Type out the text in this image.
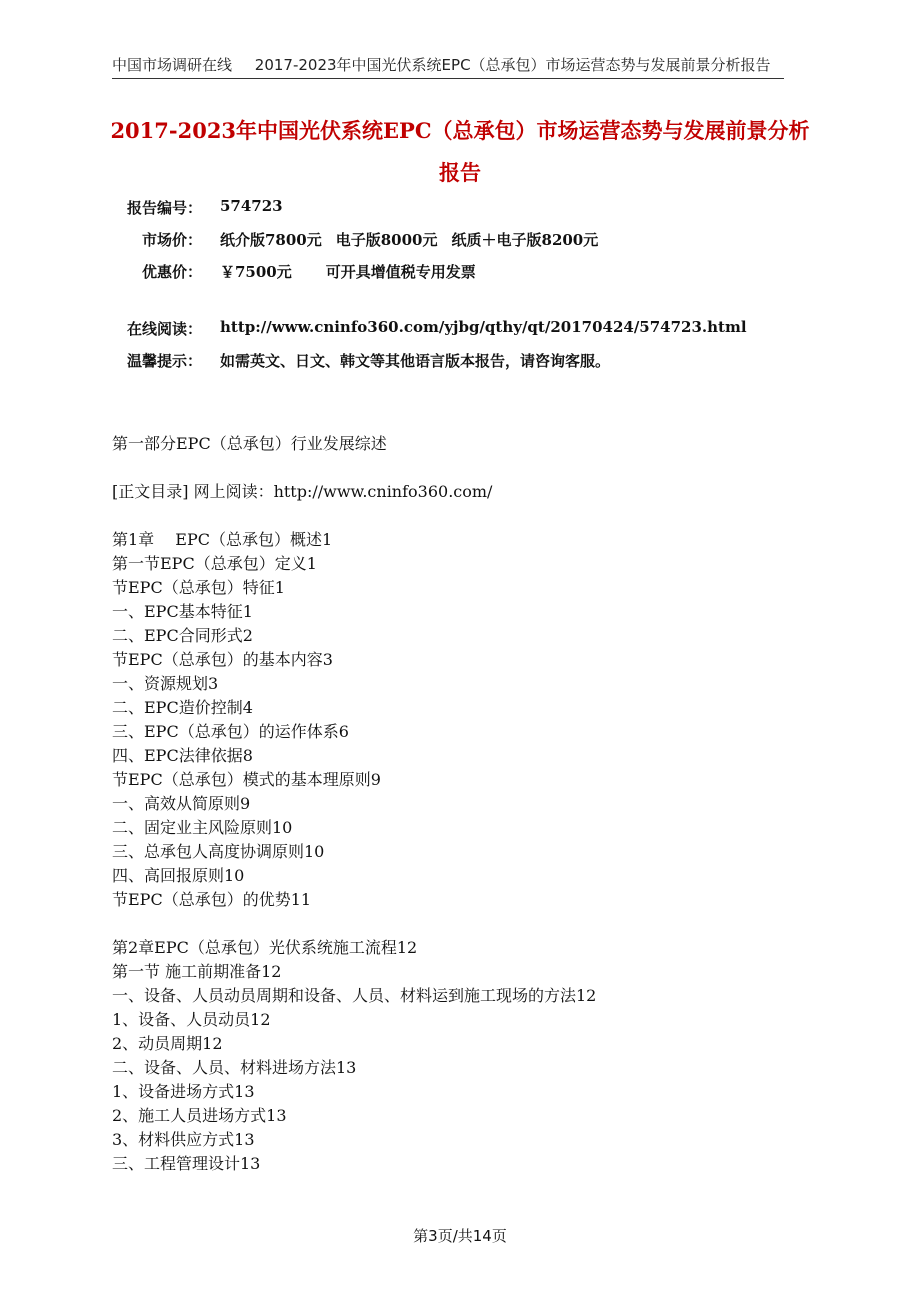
中国市场调研在线 2017-2023年中国光伏系统EPC（总承包）市场运营态势与发展前景分析报告
2017-2023年中国光伏系统EPC（总承包）市场运营态势与发展前景分析
报告
报告编号： 574723
市场价： 纸介版7800元 电子版8000元 纸质＋电子版8200元
优惠价： ￥7500元 可开具增值税专用发票
在线阅读： http://www.cninfo360.com/yjbg/qthy/qt/20170424/574723.html
温馨提示： 如需英文、日文、韩文等其他语言版本报告，请咨询客服。
第一部分EPC（总承包）行业发展综述
[正文目录] 网上阅读：http://www.cninfo360.com/
第1章　 EPC（总承包）概述1
第一节EPC（总承包）定义1
节EPC（总承包）特征1
一、EPC基本特征1
二、EPC合同形式2
节EPC（总承包）的基本内容3
一、资源规划3
二、EPC造价控制4
三、EPC（总承包）的运作体系6
四、EPC法律依据8
节EPC（总承包）模式的基本理原则9
一、高效从简原则9
二、固定业主风险原则10
三、总承包人高度协调原则10
四、高回报原则10
节EPC（总承包）的优势11
第2章EPC（总承包）光伏系统施工流程12
第一节 施工前期准备12
一、设备、人员动员周期和设备、人员、材料运到施工现场的方法12
1、设备、人员动员12
2、动员周期12
二、设备、人员、材料进场方法13
1、设备进场方式13
2、施工人员进场方式13
3、材料供应方式13
三、工程管理设计13
第3页/共14页
